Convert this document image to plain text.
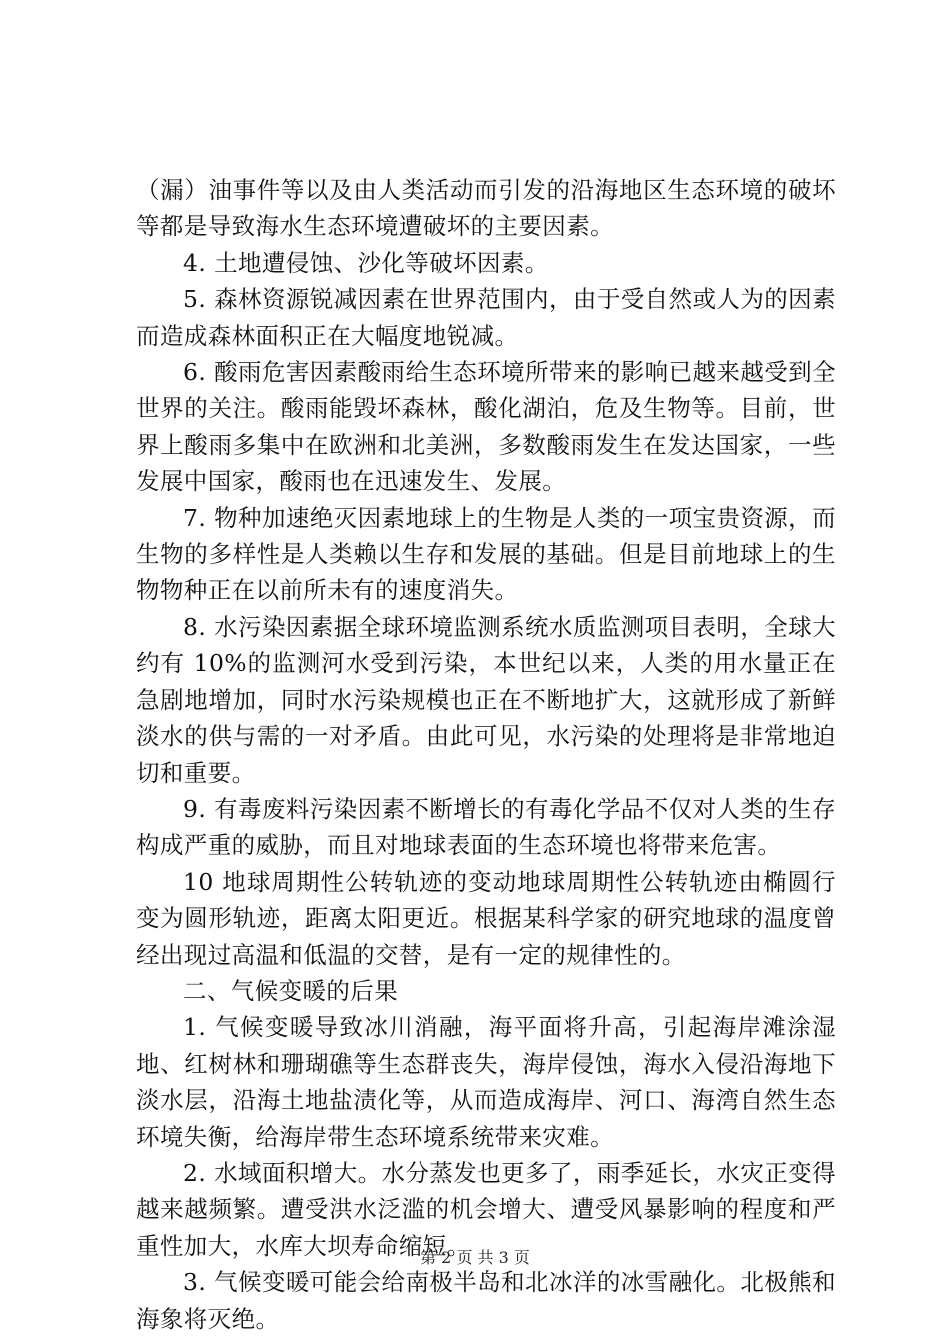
（漏）油事件等以及由人类活动而引发的沿海地区生态环境的破坏等都是导致海水生态环境遭破坏的主要因素。

4. 土地遭侵蚀、沙化等破坏因素。

5. 森林资源锐减因素在世界范围内，由于受自然或人为的因素而造成森林面积正在大幅度地锐减。

6. 酸雨危害因素酸雨给生态环境所带来的影响已越来越受到全世界的关注。酸雨能毁坏森林，酸化湖泊，危及生物等。目前，世界上酸雨多集中在欧洲和北美洲，多数酸雨发生在发达国家，一些发展中国家，酸雨也在迅速发生、发展。

7. 物种加速绝灭因素地球上的生物是人类的一项宝贵资源，而生物的多样性是人类赖以生存和发展的基础。但是目前地球上的生物物种正在以前所未有的速度消失。

8. 水污染因素据全球环境监测系统水质监测项目表明，全球大约有 10%的监测河水受到污染，本世纪以来，人类的用水量正在急剧地增加，同时水污染规模也正在不断地扩大，这就形成了新鲜淡水的供与需的一对矛盾。由此可见，水污染的处理将是非常地迫切和重要。

9. 有毒废料污染因素不断增长的有毒化学品不仅对人类的生存构成严重的威胁，而且对地球表面的生态环境也将带来危害。

10 地球周期性公转轨迹的变动地球周期性公转轨迹由椭圆行变为圆形轨迹，距离太阳更近。根据某科学家的研究地球的温度曾经出现过高温和低温的交替，是有一定的规律性的。

二、气候变暖的后果

1. 气候变暖导致冰川消融，海平面将升高，引起海岸滩涂湿地、红树林和珊瑚礁等生态群丧失，海岸侵蚀，海水入侵沿海地下淡水层，沿海土地盐渍化等，从而造成海岸、河口、海湾自然生态环境失衡，给海岸带生态环境系统带来灾难。

2. 水域面积增大。水分蒸发也更多了，雨季延长，水灾正变得越来越频繁。遭受洪水泛滥的机会增大、遭受风暴影响的程度和严重性加大，水库大坝寿命缩短。

3. 气候变暖可能会给南极半岛和北冰洋的冰雪融化。北极熊和海象将灭绝。

第 2 页 共 3 页
